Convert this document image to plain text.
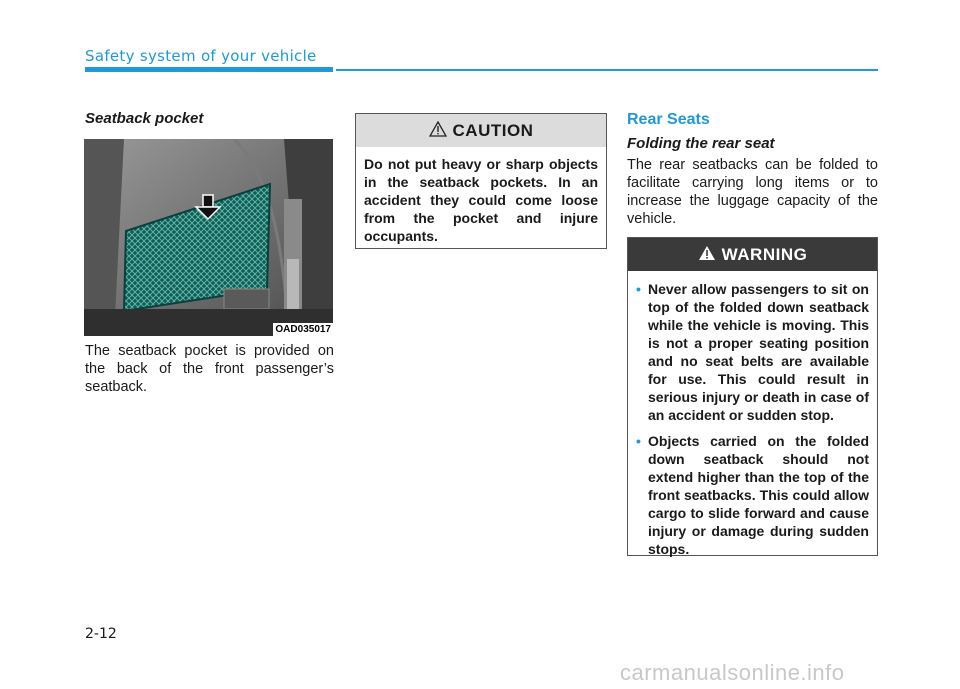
Safety system of your vehicle
Seatback pocket
OAD035017
The seatback pocket is provided on the back of the front passenger’s seatback.
CAUTION
Do not put heavy or sharp objects in the seatback pockets. In an accident they could come loose from the pocket and injure occupants.
Rear Seats
Folding the rear seat
The rear seatbacks can be folded to facilitate carrying long items or to increase the luggage capacity of the vehicle.
WARNING
• Never allow passengers to sit on top of the folded down seatback while the vehicle is moving. This is not a proper seating position and no seat belts are available for use. This could result in serious injury or death in case of an accident or sudden stop.
• Objects carried on the folded down seatback should not extend higher than the top of the front seatbacks. This could allow cargo to slide forward and cause injury or damage during sudden stops.
2-12
carmanualsonline.info
